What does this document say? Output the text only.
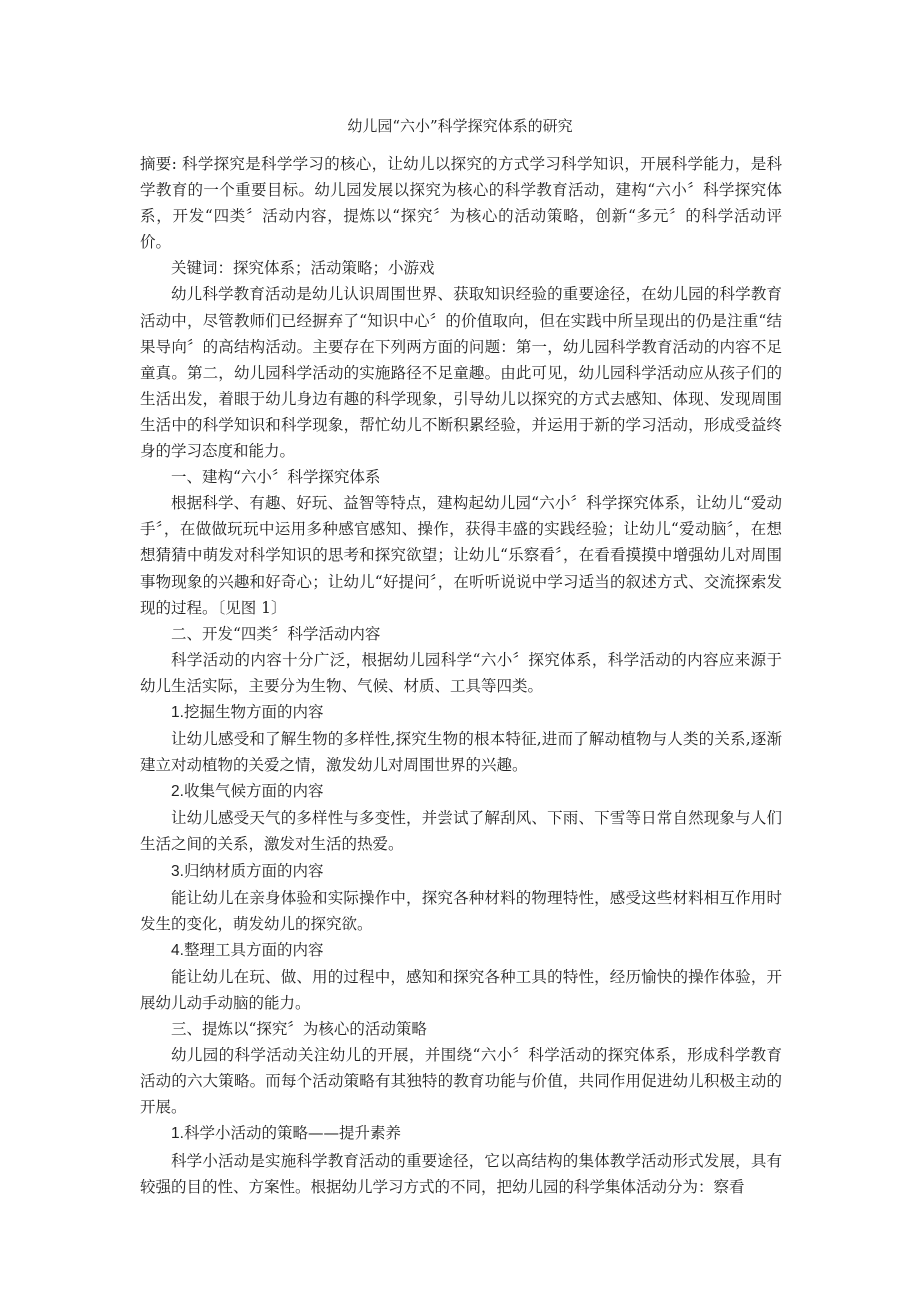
幼儿园“六小”科学探究体系的研究

摘要: 科学探究是科学学习的核心，让幼儿以探究的方式学习科学知识，开展科学能力，是科学教育的一个重要目标。幼儿园发展以探究为核心的科学教育活动，建构“六小〞科学探究体系，开发“四类〞活动内容，提炼以“探究〞为核心的活动策略，创新“多元〞的科学活动评价。

关键词：探究体系；活动策略；小游戏

幼儿科学教育活动是幼儿认识周围世界、获取知识经验的重要途径，在幼儿园的科学教育活动中，尽管教师们已经摒弃了“知识中心〞的价值取向，但在实践中所呈现出的仍是注重“结果导向〞的高结构活动。主要存在下列两方面的问题：第一，幼儿园科学教育活动的内容不足童真。第二，幼儿园科学活动的实施路径不足童趣。由此可见，幼儿园科学活动应从孩子们的生活出发，着眼于幼儿身边有趣的科学现象，引导幼儿以探究的方式去感知、体现、发现周围生活中的科学知识和科学现象，帮忙幼儿不断积累经验，并运用于新的学习活动，形成受益终身的学习态度和能力。

一、建构“六小〞科学探究体系

根据科学、有趣、好玩、益智等特点，建构起幼儿园“六小〞科学探究体系，让幼儿“爱动手〞，在做做玩玩中运用多种感官感知、操作，获得丰盛的实践经验；让幼儿“爱动脑〞，在想想猜猜中萌发对科学知识的思考和探究欲望；让幼儿“乐察看〞，在看看摸摸中增强幼儿对周围事物现象的兴趣和好奇心；让幼儿“好提问〞，在听听说说中学习适当的叙述方式、交流探索发现的过程。〔见图 1〕

二、开发“四类〞科学活动内容

科学活动的内容十分广泛，根据幼儿园科学“六小〞探究体系，科学活动的内容应来源于幼儿生活实际，主要分为生物、气候、材质、工具等四类。

1.挖掘生物方面的内容

让幼儿感受和了解生物的多样性,探究生物的根本特征,进而了解动植物与人类的关系,逐渐建立对动植物的关爱之情，激发幼儿对周围世界的兴趣。

2.收集气候方面的内容

让幼儿感受天气的多样性与多变性，并尝试了解刮风、下雨、下雪等日常自然现象与人们生活之间的关系，激发对生活的热爱。

3.归纳材质方面的内容

能让幼儿在亲身体验和实际操作中，探究各种材料的物理特性，感受这些材料相互作用时发生的变化，萌发幼儿的探究欲。

4.整理工具方面的内容

能让幼儿在玩、做、用的过程中，感知和探究各种工具的特性，经历愉快的操作体验，开展幼儿动手动脑的能力。

三、提炼以“探究〞为核心的活动策略

幼儿园的科学活动关注幼儿的开展，并围绕“六小〞科学活动的探究体系，形成科学教育活动的六大策略。而每个活动策略有其独特的教育功能与价值，共同作用促进幼儿积极主动的开展。

1.科学小活动的策略——提升素养

科学小活动是实施科学教育活动的重要途径，它以高结构的集体教学活动形式发展，具有较强的目的性、方案性。根据幼儿学习方式的不同，把幼儿园的科学集体活动分为：察看
